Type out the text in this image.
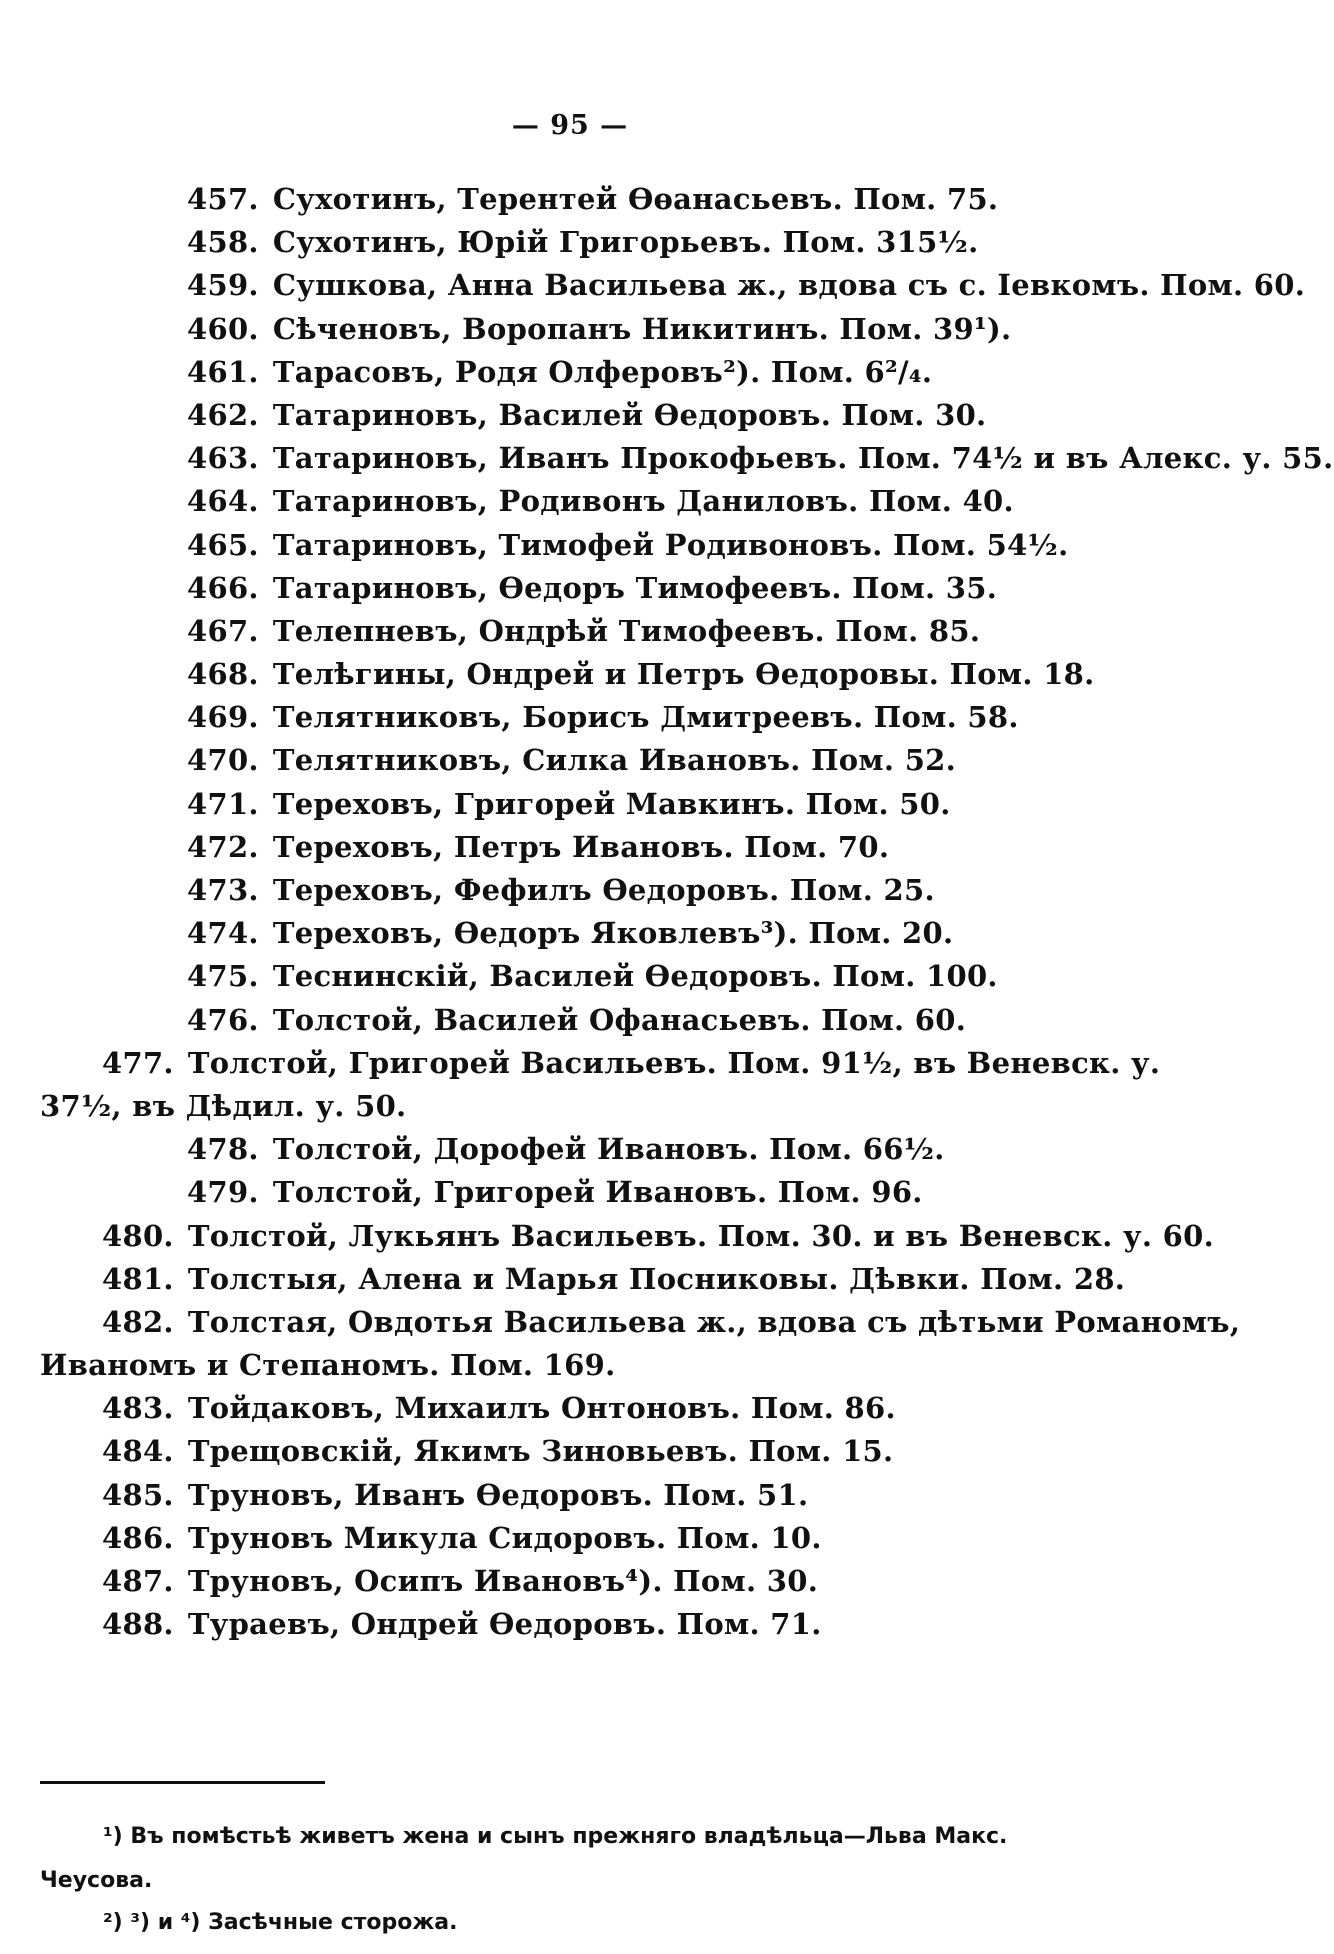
— 95 —
457. Сухотинъ, Терентей Өөанасьевъ. Пом. 75.
458. Сухотинъ, Юрій Григорьевъ. Пом. 315½.
459. Сушкова, Анна Васильева ж., вдова съ с. Іевкомъ. Пом. 60.
460. Сѣченовъ, Воропанъ Никитинъ. Пом. 39¹).
461. Тарасовъ, Родя Олферовъ²). Пом. 6²/₄.
462. Татариновъ, Василей Өедоровъ. Пом. 30.
463. Татариновъ, Иванъ Прокофьевъ. Пом. 74½ и въ Алекс. у. 55.
464. Татариновъ, Родивонъ Даниловъ. Пом. 40.
465. Татариновъ, Тимофей Родивоновъ. Пом. 54½.
466. Татариновъ, Өедоръ Тимофеевъ. Пом. 35.
467. Телепневъ, Ондрѣй Тимофеевъ. Пом. 85.
468. Телѣгины, Ондрей и Петръ Өедоровы. Пом. 18.
469. Телятниковъ, Борисъ Дмитреевъ. Пом. 58.
470. Телятниковъ, Силка Ивановъ. Пом. 52.
471. Тереховъ, Григорей Мавкинъ. Пом. 50.
472. Тереховъ, Петръ Ивановъ. Пом. 70.
473. Тереховъ, Фефилъ Өедоровъ. Пом. 25.
474. Тереховъ, Өедоръ Яковлевъ³). Пом. 20.
475. Теснинскій, Василей Өедоровъ. Пом. 100.
476. Толстой, Василей Офанасьевъ. Пом. 60.
477. Толстой, Григорей Васильевъ. Пом. 91½, въ Веневск. у.
37½, въ Дѣдил. у. 50.
478. Толстой, Дорофей Ивановъ. Пом. 66½.
479. Толстой, Григорей Ивановъ. Пом. 96.
480. Толстой, Лукьянъ Васильевъ. Пом. 30. и въ Веневск. у. 60.
481. Толстыя, Алена и Марья Посниковы. Дѣвки. Пом. 28.
482. Толстая, Овдотья Васильева ж., вдова съ дѣтьми Романомъ,
Иваномъ и Степаномъ. Пом. 169.
483. Тойдаковъ, Михаилъ Онтоновъ. Пом. 86.
484. Трещовскій, Якимъ Зиновьевъ. Пом. 15.
485. Труновъ, Иванъ Өедоровъ. Пом. 51.
486. Труновъ Микула Сидоровъ. Пом. 10.
487. Труновъ, Осипъ Ивановъ⁴). Пом. 30.
488. Тураевъ, Ондрей Өедоровъ. Пом. 71.
¹) Въ помѣстьѣ живетъ жена и сынъ прежняго владѣльца—Льва Макс.
Чеусова.
²) ³) и ⁴) Засѣчные сторожа.
